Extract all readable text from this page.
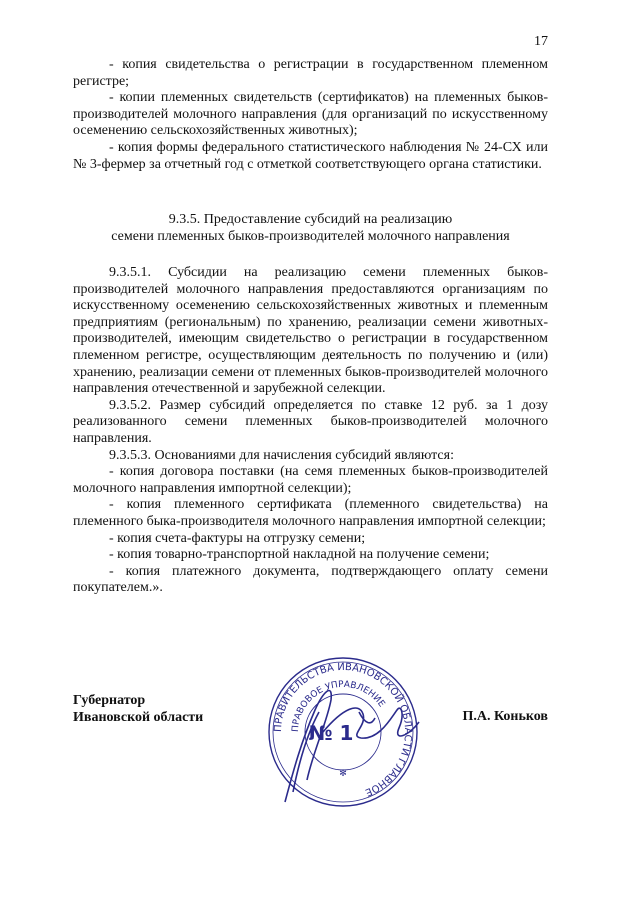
17

- копия свидетельства о регистрации в государственном племенном регистре;

- копии племенных свидетельств (сертификатов) на племенных быков-производителей молочного направления (для организаций по искусственному осеменению сельскохозяйственных животных);

- копия формы федерального статистического наблюдения № 24-СХ или № 3-фермер за отчетный год с отметкой соответствующего органа статистики.

9.3.5. Предоставление субсидий на реализацию
семени племенных быков-производителей молочного направления

9.3.5.1. Субсидии на реализацию семени племенных быков-производителей молочного направления предоставляются организациям по искусственному осеменению сельскохозяйственных животных и племенным предприятиям (региональным) по хранению, реализации семени животных-производителей, имеющим свидетельство о регистрации в государственном племенном регистре, осуществляющим деятельность по получению и (или) хранению, реализации семени от племенных быков-производителей молочного направления отечественной и зарубежной селекции.

9.3.5.2. Размер субсидий определяется по ставке 12 руб. за 1 дозу реализованного семени племенных быков-производителей молочного направления.

9.3.5.3. Основаниями для начисления субсидий являются:

- копия договора поставки (на семя племенных быков-производителей молочного направления импортной селекции);

- копия племенного сертификата (племенного свидетельства) на племенного быка-производителя молочного направления импортной селекции;

- копия счета-фактуры на отгрузку семени;

- копия товарно-транспортной накладной на получение семени;

- копия платежного документа, подтверждающего оплату семени покупателем.».

Губернатор
Ивановской области
ПРАВИТЕЛЬСТВА ИВАНОВСКОЙ ОБЛАСТИ ГЛАВНОЕ
ПРАВОВОЕ УПРАВЛЕНИЕ
№ 1
✻
П.А. Коньков
